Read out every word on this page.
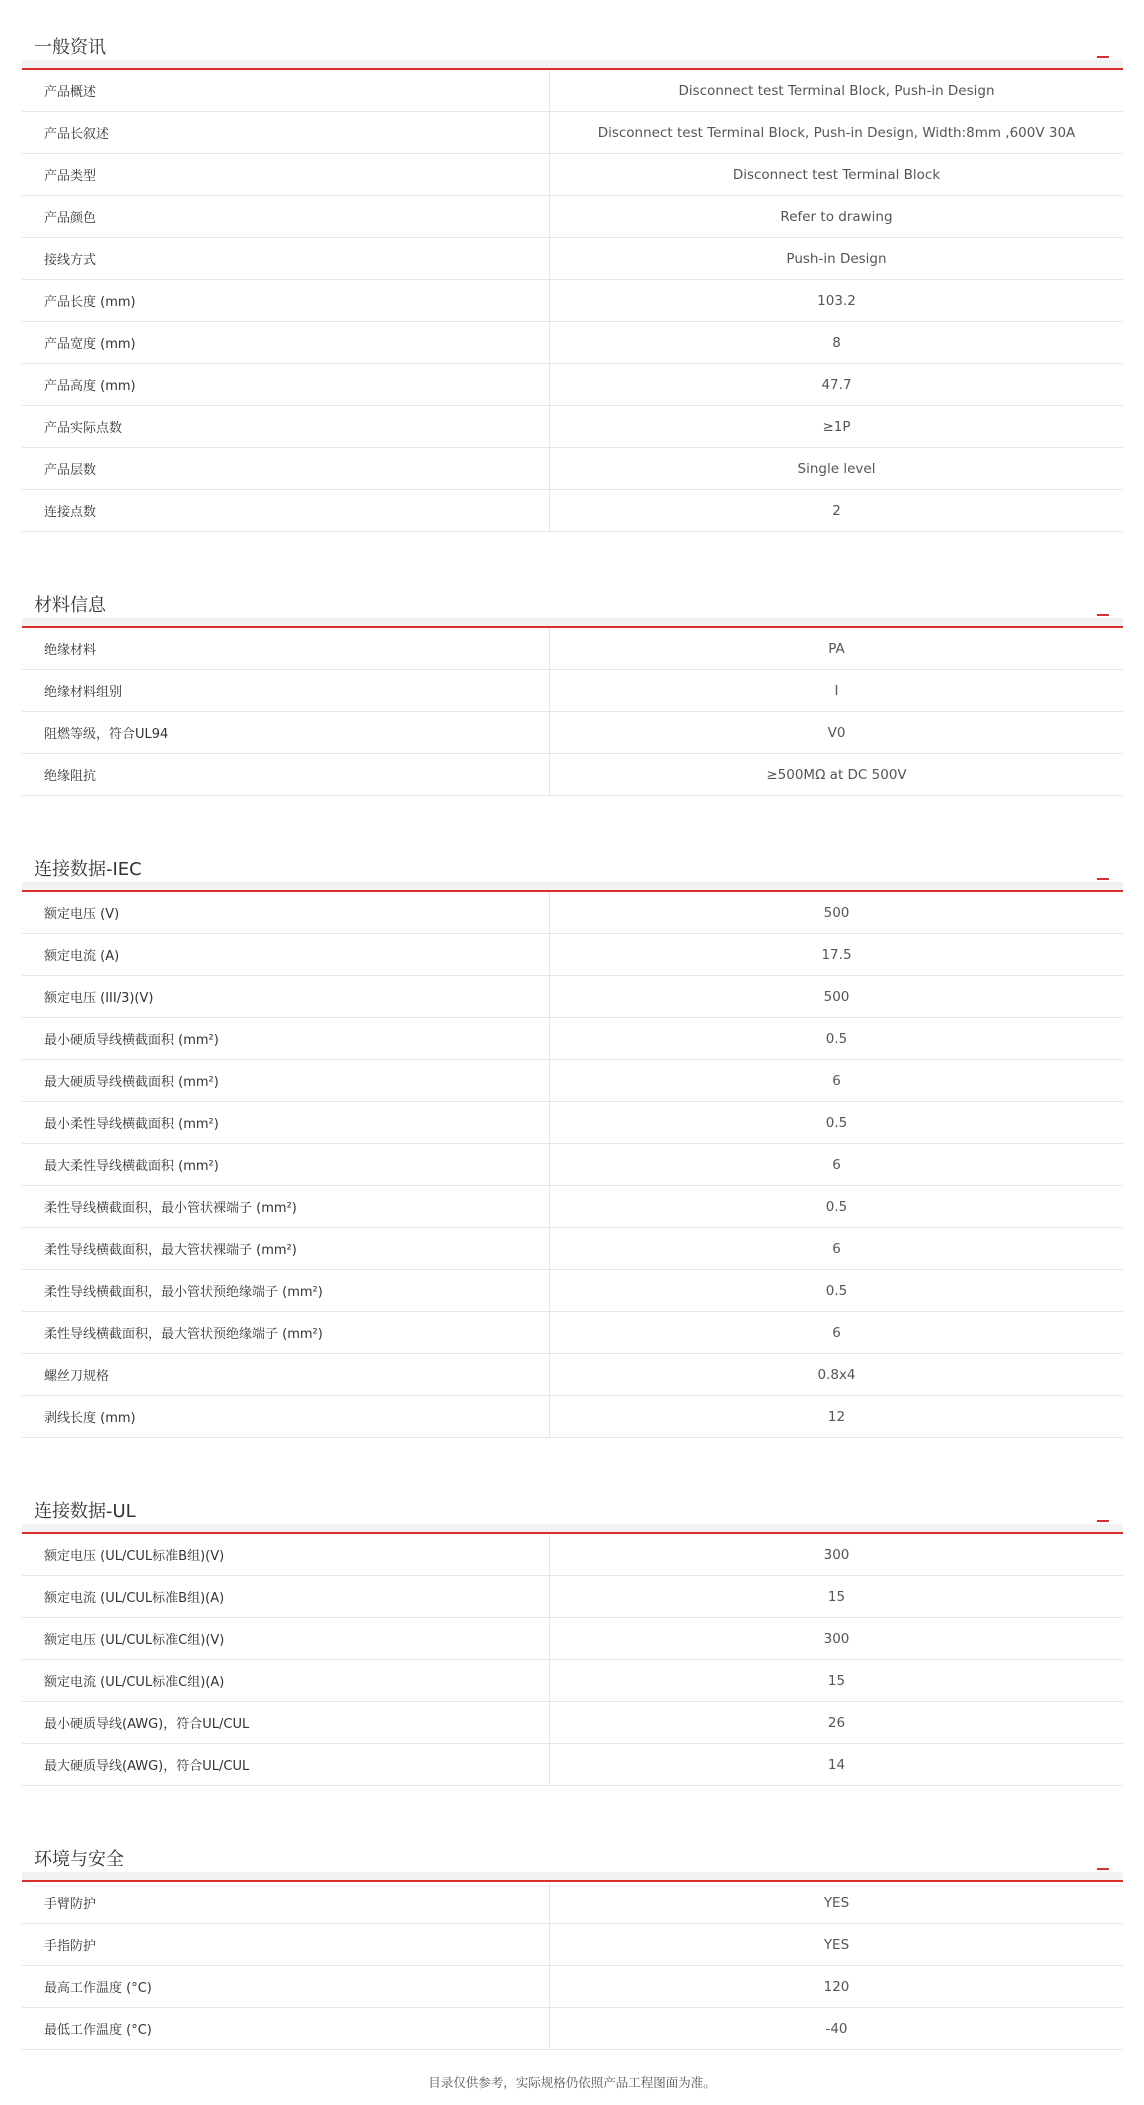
一般资讯
产品概述	Disconnect test Terminal Block, Push-in Design
产品长叙述	Disconnect test Terminal Block, Push-in Design, Width:8mm ,600V 30A
产品类型	Disconnect test Terminal Block
产品颜色	Refer to drawing
接线方式	Push-in Design
产品长度 (mm)	103.2
产品宽度 (mm)	8
产品高度 (mm)	47.7
产品实际点数	≥1P
产品层数	Single level
连接点数	2
材料信息
绝缘材料	PA
绝缘材料组别	I
阻燃等级，符合UL94	V0
绝缘阻抗	≥500MΩ at DC 500V
连接数据-IEC
额定电压 (V)	500
额定电流 (A)	17.5
额定电压 (III/3)(V)	500
最小硬质导线横截面积 (mm²)	0.5
最大硬质导线横截面积 (mm²)	6
最小柔性导线横截面积 (mm²)	0.5
最大柔性导线横截面积 (mm²)	6
柔性导线横截面积，最小管状裸端子 (mm²)	0.5
柔性导线横截面积，最大管状裸端子 (mm²)	6
柔性导线横截面积，最小管状预绝缘端子 (mm²)	0.5
柔性导线横截面积，最大管状预绝缘端子 (mm²)	6
螺丝刀规格	0.8x4
剥线长度 (mm)	12
连接数据-UL
额定电压 (UL/CUL标准B组)(V)	300
额定电流 (UL/CUL标准B组)(A)	15
额定电压 (UL/CUL标准C组)(V)	300
额定电流 (UL/CUL标准C组)(A)	15
最小硬质导线(AWG)，符合UL/CUL	26
最大硬质导线(AWG)，符合UL/CUL	14
环境与安全
手臂防护	YES
手指防护	YES
最高工作温度 (°C)	120
最低工作温度 (°C)	-40
目录仅供参考，实际规格仍依照产品工程图面为准。
